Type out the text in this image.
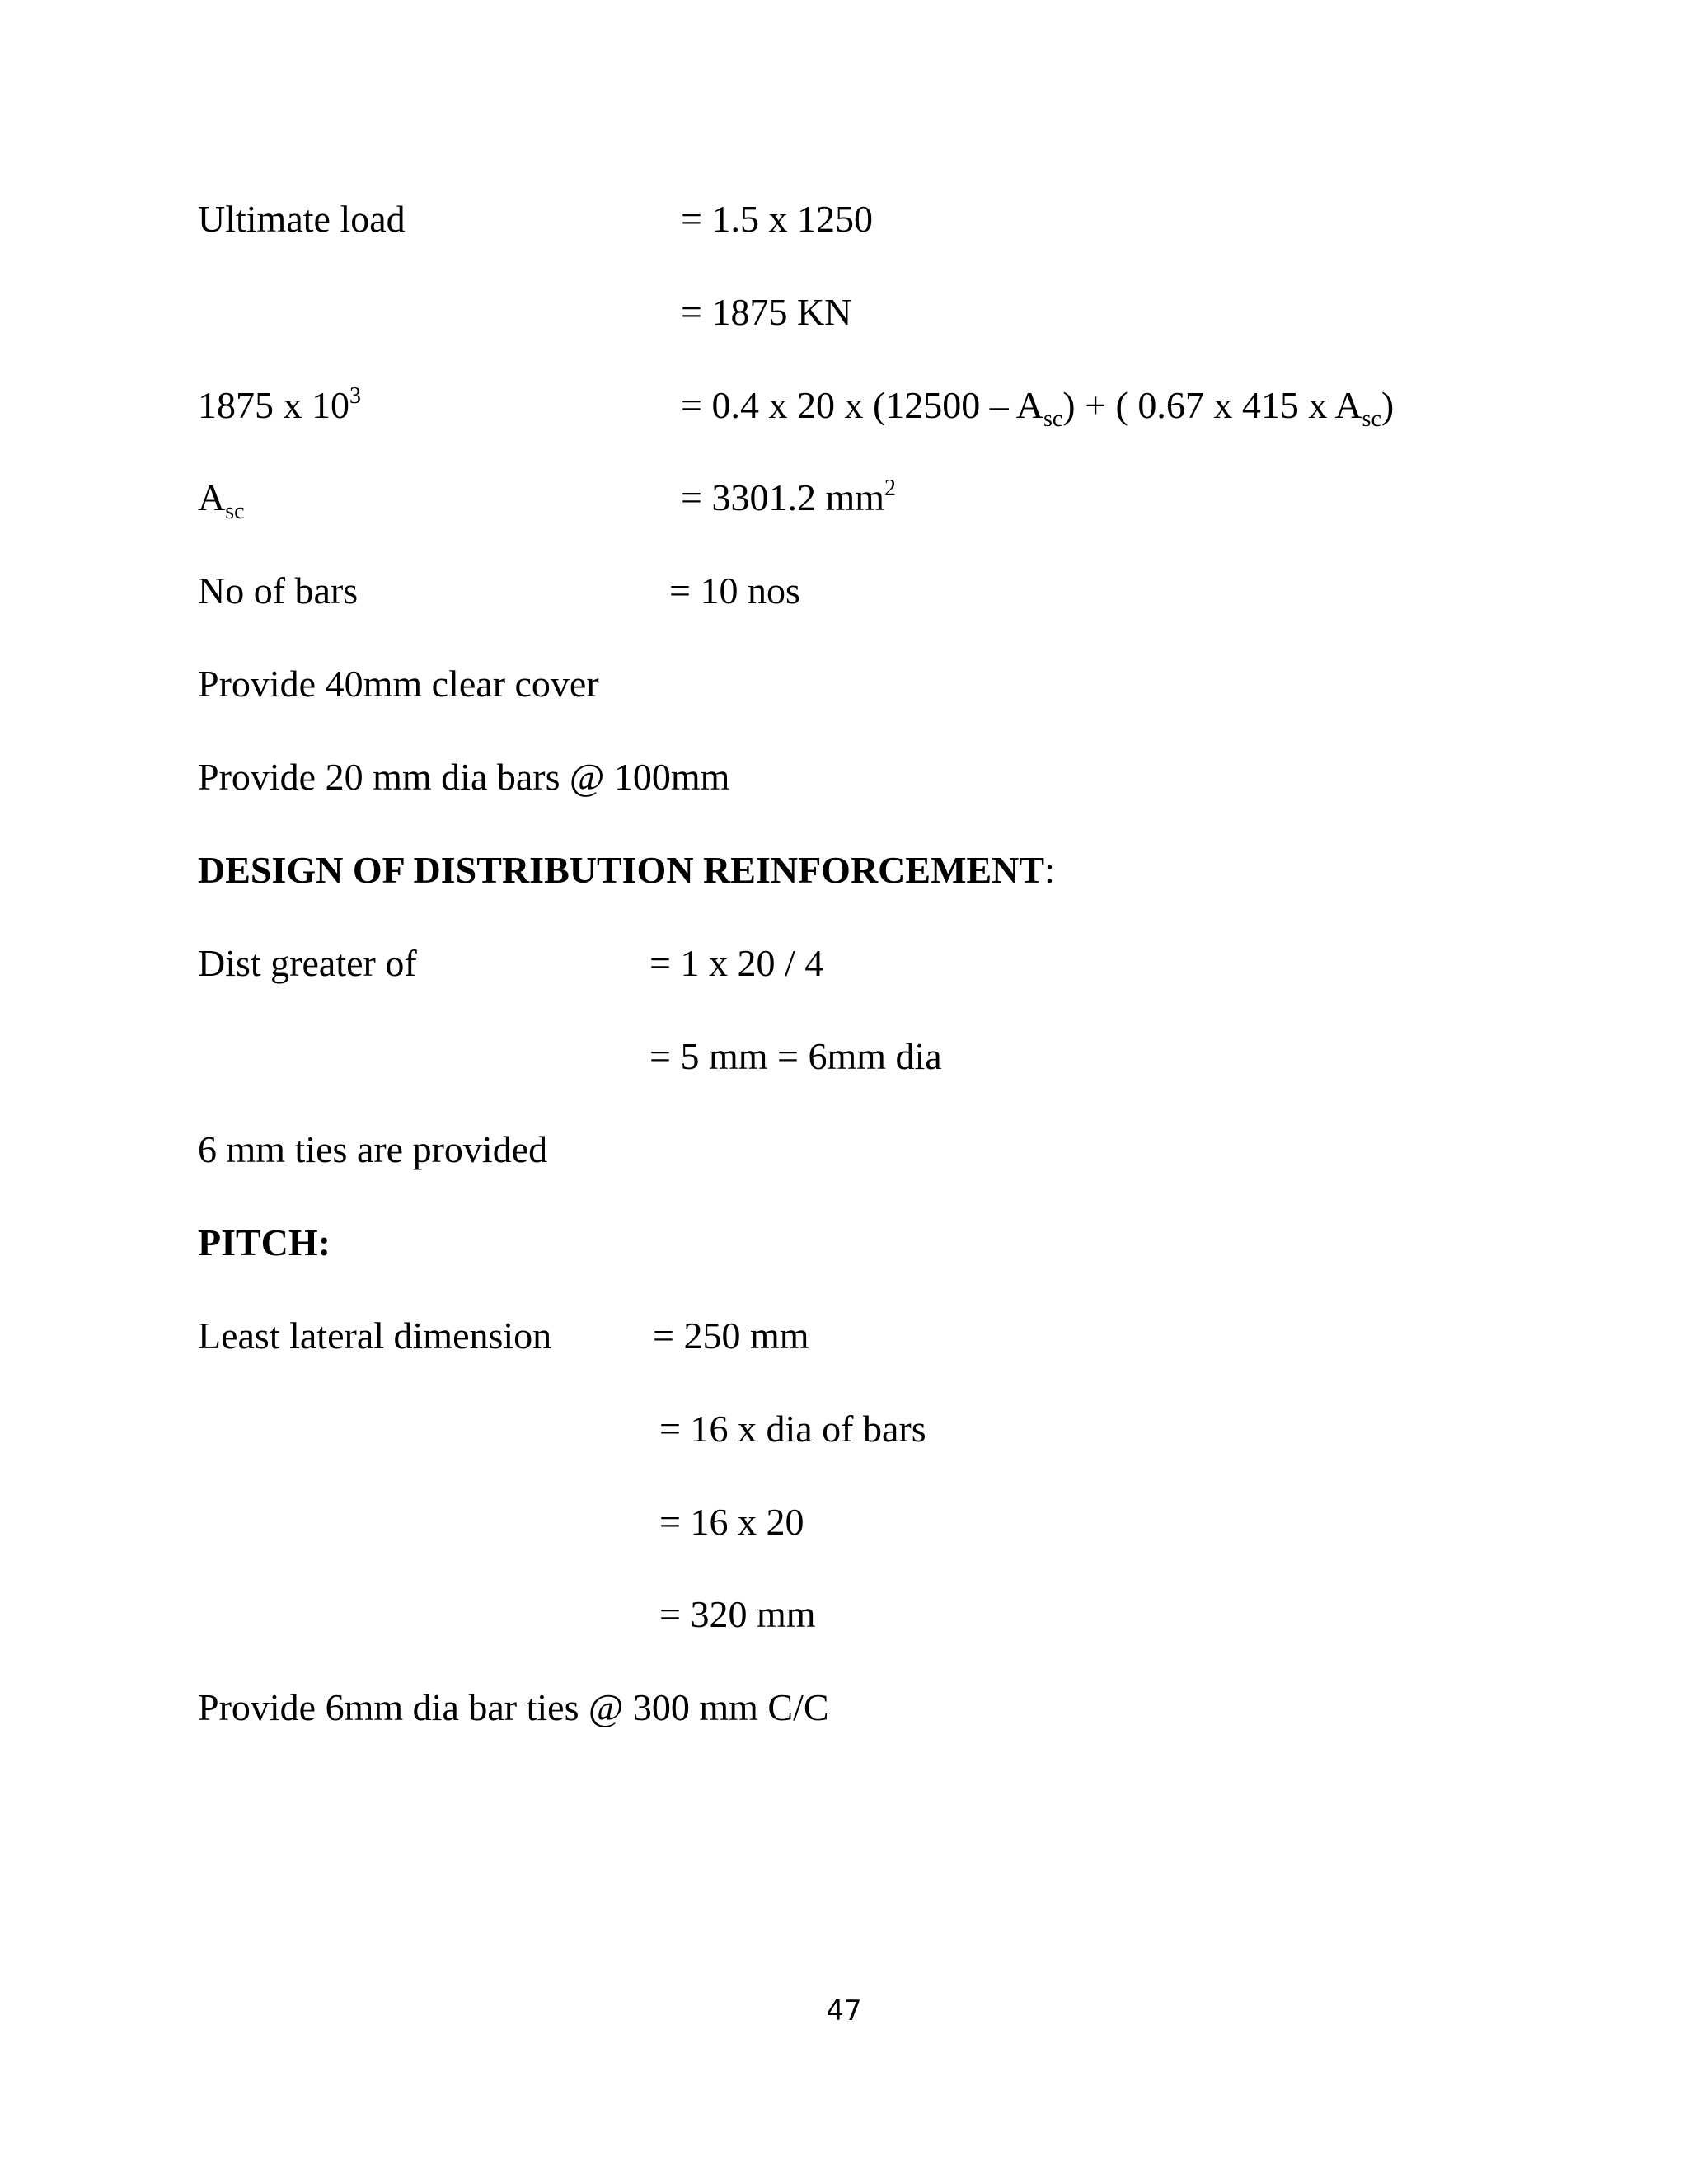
Ultimate load	= 1.5 x 1250
= 1875 KN
1875 x $10^3$	= 0.4 x 20 x $(12500 - A_{sc})$ + ( 0.67 x 415 x $A_{sc}$)
$A_{sc}$	= 3301.2 $mm^2$
No of bars	= 10 nos
Provide 40mm clear cover
Provide 20 mm dia bars @ 100mm
DESIGN OF DISTRIBUTION REINFORCEMENT:
Dist greater of	= 1 x 20 / 4
= 5 mm = 6mm dia
6 mm ties are provided
PITCH:
Least lateral dimension	= 250 mm
= 16 x dia of bars
= 16 x 20
= 320 mm
Provide 6mm dia bar ties @ 300 mm C/C
47
